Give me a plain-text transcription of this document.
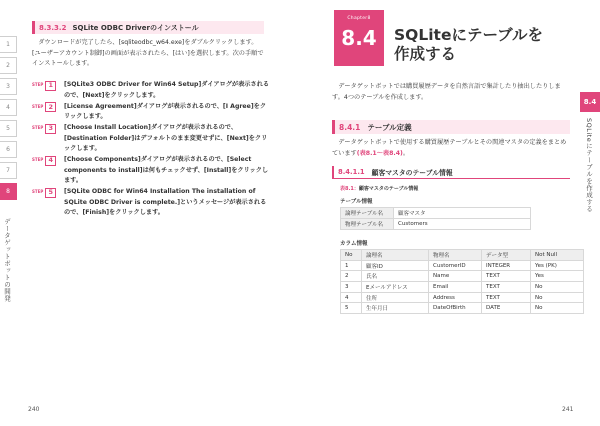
1
2
3
4
5
6
7
8
データゲットボットの開発
8.3.3.2 SQLite ODBC Driverのインストール

ダウンロードが完了したら、[sqliteodbc_w64.exe]をダブルクリックします。[ユーザーアカウント制御]の画面が表示されたら、[はい]を選択します。次の手順でインストールします。

STEP 1	[SQLite3 ODBC Driver for Win64 Setup]ダイアログが表示されるので、[Next]をクリックします。
STEP 2	[License Agreement]ダイアログが表示されるので、[I Agree]をクリックします。
STEP 3	[Choose Install Location]ダイアログが表示されるので、[Destination Folder]はデフォルトのまま変更せずに、[Next]をクリックします。
STEP 4	[Choose Components]ダイアログが表示されるので、[Select components to install]は何もチェックせず、[Install]をクリックします。
STEP 5	[SQLite ODBC for Win64 Installation The installation of SQLite ODBC Driver is complete.]というメッセージが表示されるので、[Finish]をクリックします。
240
Chapter8
8.4	SQLiteにテーブルを
作成する

データゲットボットでは購買履歴データを自然言語で集計したり抽出したりします。4つのテーブルを作成します。

8.4.1 テーブル定義

データゲットボットで使用する購買履歴テーブルとその関連マスタの定義をまとめています(表8.1〜表8.4)。

8.4.1.1 顧客マスタのテーブル情報
表8.1：顧客マスタのテーブル情報
テーブル情報
論理テーブル名	顧客マスタ
物理テーブル名	Customers
カラム情報
No	論理名	物理名	データ型	Not Null
1	顧客ID	CustomerID	INTEGER	Yes (PK)
2	氏名	Name	TEXT	Yes
3	Eメールアドレス	Email	TEXT	No
4	住所	Address	TEXT	No
5	生年月日	DateOfBirth	DATE	No
8.4
SQLiteにテーブルを作成する
241
